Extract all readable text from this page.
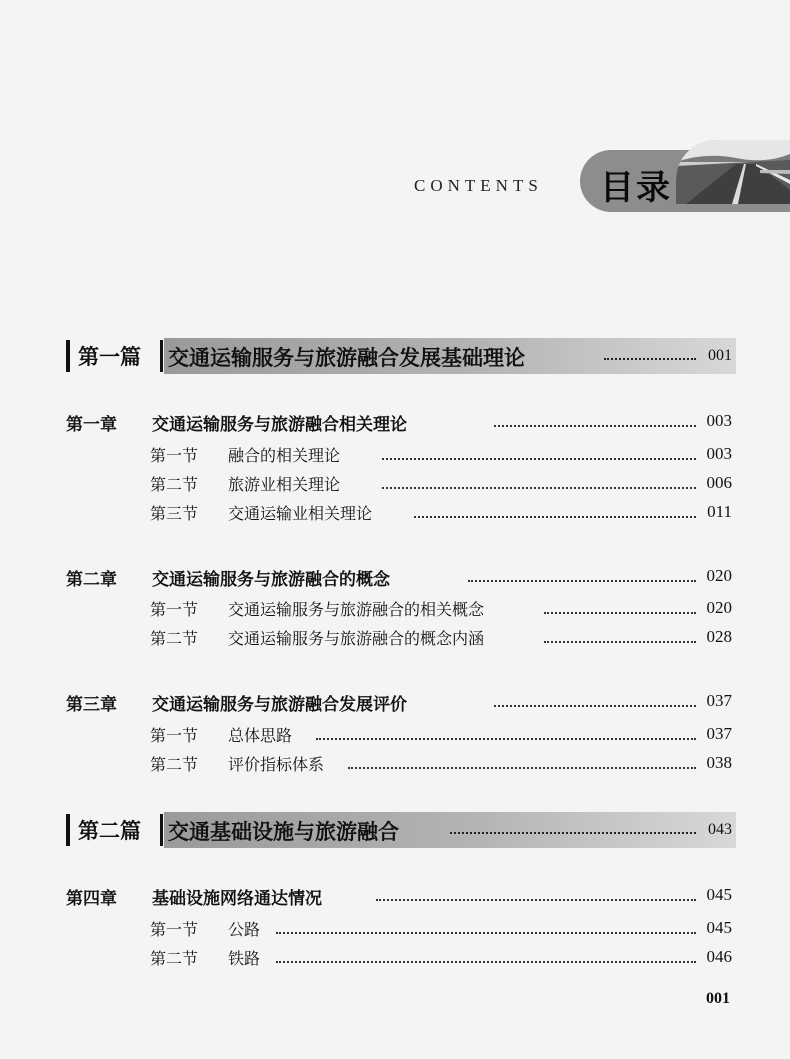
CONTENTS 目录
第一篇 交通运输服务与旅游融合发展基础理论	001
第一章 交通运输服务与旅游融合相关理论	003
第一节 融合的相关理论	003
第二节 旅游业相关理论	006
第三节 交通运输业相关理论	011
第二章 交通运输服务与旅游融合的概念	020
第一节 交通运输服务与旅游融合的相关概念	020
第二节 交通运输服务与旅游融合的概念内涵	028
第三章 交通运输服务与旅游融合发展评价	037
第一节 总体思路	037
第二节 评价指标体系	038
第二篇 交通基础设施与旅游融合	043
第四章 基础设施网络通达情况	045
第一节 公路	045
第二节 铁路	046
001
